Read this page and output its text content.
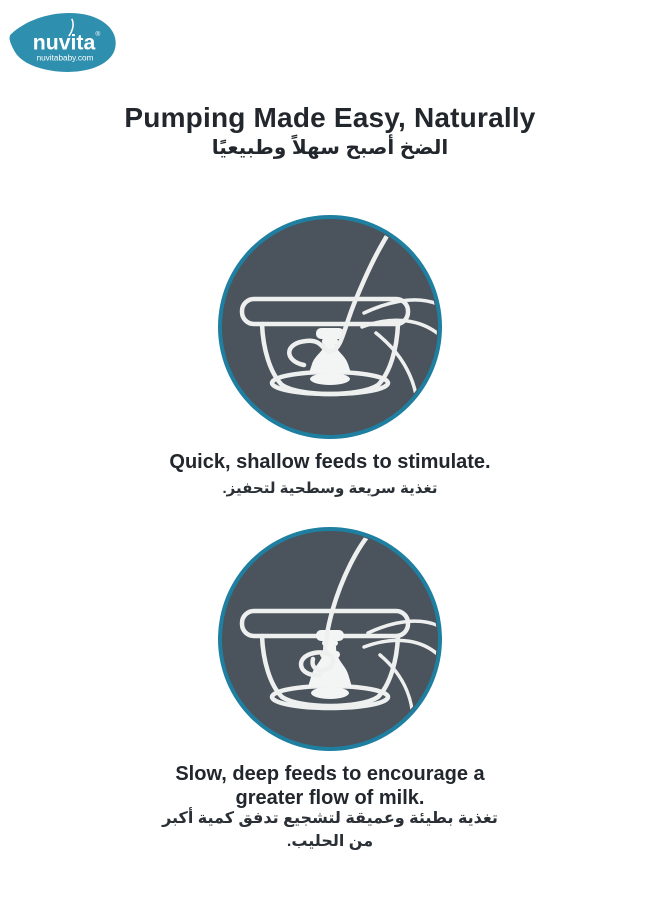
nuvita ®
nuvitababy.com
Pumping Made Easy, Naturally
الضخ أصبح سهلاً وطبيعيًا
Quick, shallow feeds to stimulate.
تغذية سريعة وسطحية لتحفيز.
Slow, deep feeds to encourage a greater flow of milk.
تغذية بطيئة وعميقة لتشجيع تدفق كمية أكبر من الحليب.
